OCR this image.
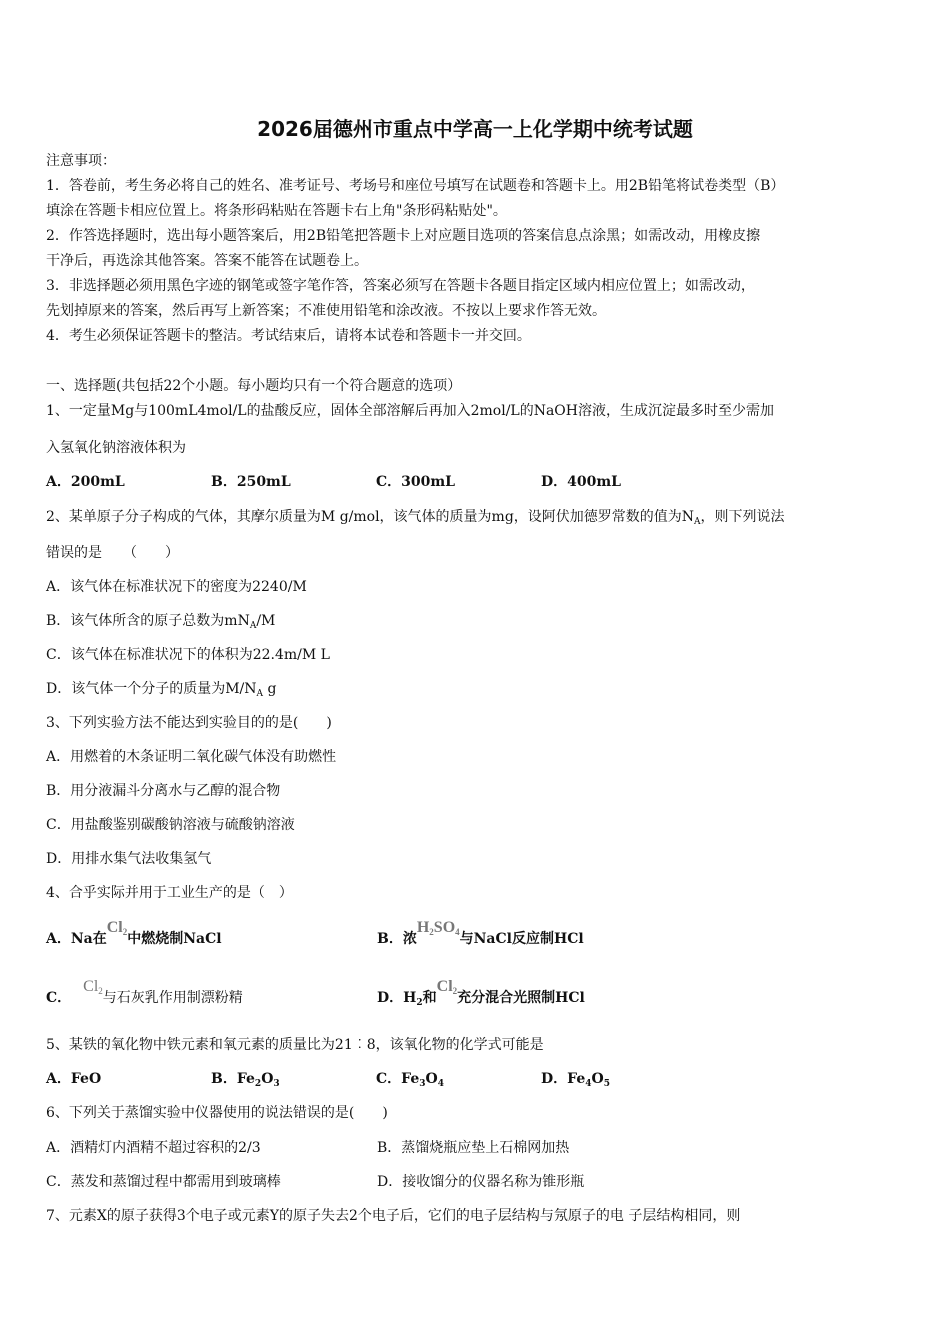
2026届德州市重点中学高一上化学期中统考试题
注意事项：
1．答卷前，考生务必将自己的姓名、准考证号、考场号和座位号填写在试题卷和答题卡上。用2B铅笔将试卷类型（B）
填涂在答题卡相应位置上。将条形码粘贴在答题卡右上角"条形码粘贴处"。
2．作答选择题时，选出每小题答案后，用2B铅笔把答题卡上对应题目选项的答案信息点涂黑；如需改动，用橡皮擦
干净后，再选涂其他答案。答案不能答在试题卷上。
3．非选择题必须用黑色字迹的钢笔或签字笔作答，答案必须写在答题卡各题目指定区域内相应位置上；如需改动，
先划掉原来的答案，然后再写上新答案；不准使用铅笔和涂改液。不按以上要求作答无效。
4．考生必须保证答题卡的整洁。考试结束后，请将本试卷和答题卡一并交回。
一、选择题(共包括22个小题。每小题均只有一个符合题意的选项）
1、一定量Mg与100mL4mol/L的盐酸反应，固体全部溶解后再加入2mol/L的NaOH溶液，生成沉淀最多时至少需加
入氢氧化钠溶液体积为
A．200mL	B．250mL	C．300mL	D．400mL
2、某单原子分子构成的气体，其摩尔质量为M g/mol，该气体的质量为mg，设阿伏加德罗常数的值为$N_A$，则下列说法
错误的是　　（　　）
A．该气体在标准状况下的密度为2240/M
B．该气体所含的原子总数为$mN_A/M$
C．该气体在标准状况下的体积为22.4m/M L
D．该气体一个分子的质量为$M/N_A$ g
3、下列实验方法不能达到实验目的的是(　　)
A．用燃着的木条证明二氧化碳气体没有助燃性
B．用分液漏斗分离水与乙醇的混合物
C．用盐酸鉴别碳酸钠溶液与硫酸钠溶液
D．用排水集气法收集氢气
4、合乎实际并用于工业生产的是（　）
A．Na在$Cl_2$中燃烧制NaCl	B．浓$H_2SO_4$与NaCl反应制HCl
C．$Cl_2$与石灰乳作用制漂粉精	D．$H_2$和$Cl_2$充分混合光照制HCl
5、某铁的氧化物中铁元素和氧元素的质量比为21︰8，该氧化物的化学式可能是
A．FeO	B．$Fe_2O_3$	C．$Fe_3O_4$	D．$Fe_4O_5$
6、下列关于蒸馏实验中仪器使用的说法错误的是(　　)
A．酒精灯内酒精不超过容积的2/3	B．蒸馏烧瓶应垫上石棉网加热
C．蒸发和蒸馏过程中都需用到玻璃棒	D．接收馏分的仪器名称为锥形瓶
7、元素X的原子获得3个电子或元素Y的原子失去2个电子后，它们的电子层结构与氖原子的电 子层结构相同，则
